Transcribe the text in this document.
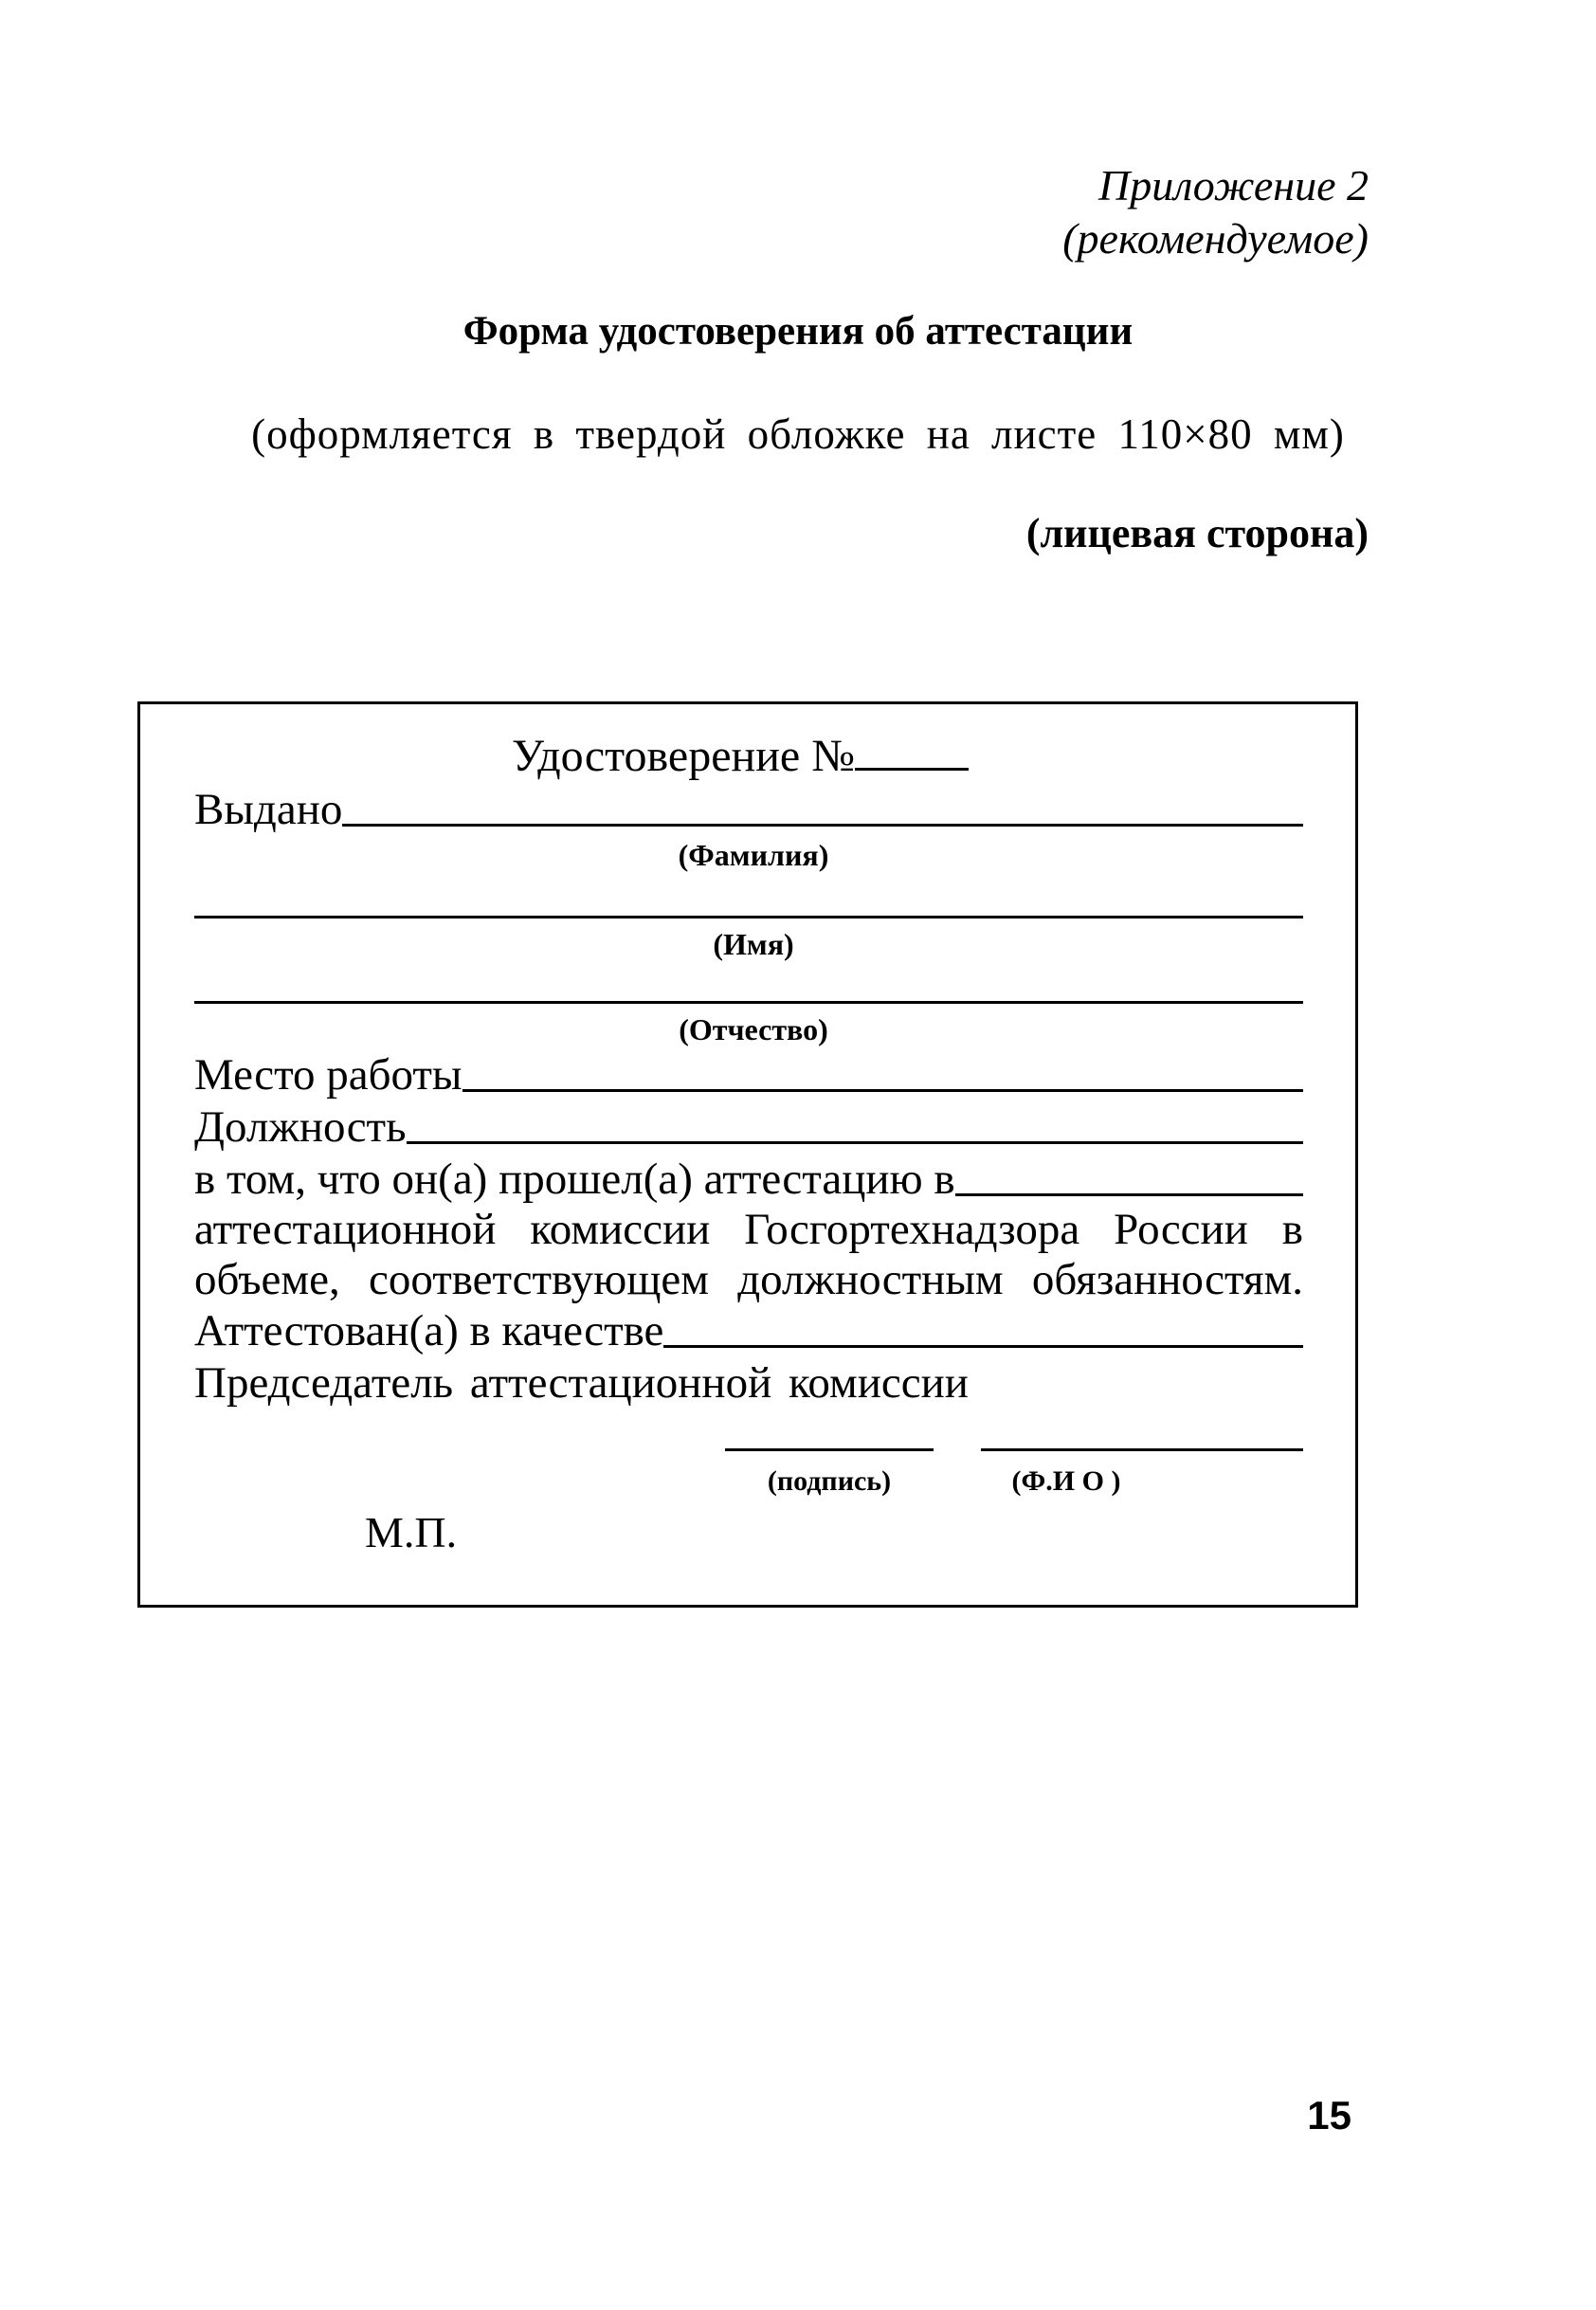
Приложение 2
(рекомендуемое)
Форма удостоверения об аттестации
(оформляется в твердой обложке на листе 110×80 мм)
(лицевая сторона)
Удостоверение №
Выдано
(Фамилия)
(Имя)
(Отчество)
Место работы
Должность
в том, что он(а) прошел(а) аттестацию в
аттестационной комиссии Госгортехнадзора России в
объеме, соответствующем должностным обязанностям.
Аттестован(а) в качестве
Председатель аттестационной комиссии
(подпись)	(Ф.И О )
М.П.
15
